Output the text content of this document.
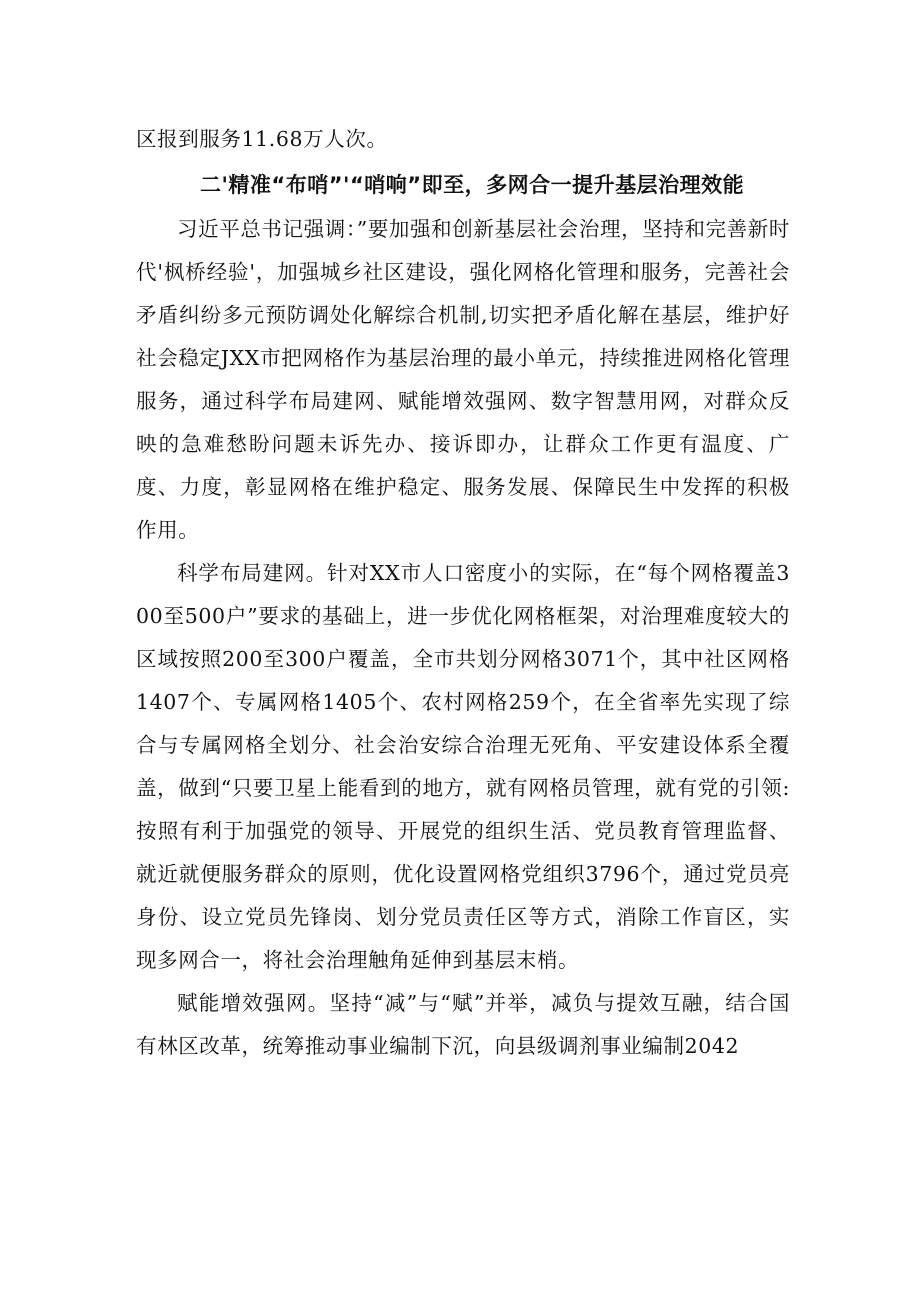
区报到服务11.68万人次。

二'精准“布哨”'“哨响”即至，多网合一提升基层治理效能

习近平总书记强调：”要加强和创新基层社会治理，坚持和完善新时代'枫桥经验'，加强城乡社区建设，强化网格化管理和服务，完善社会矛盾纠纷多元预防调处化解综合机制,切实把矛盾化解在基层，维护好社会稳定JXX市把网格作为基层治理的最小单元，持续推进网格化管理服务，通过科学布局建网、赋能增效强网、数字智慧用网，对群众反映的急难愁盼问题未诉先办、接诉即办，让群众工作更有温度、广度、力度，彰显网格在维护稳定、服务发展、保障民生中发挥的积极作用。

科学布局建网。针对XX市人口密度小的实际，在“每个网格覆盖300至500户”要求的基础上，进一步优化网格框架，对治理难度较大的区域按照200至300户覆盖，全市共划分网格3071个，其中社区网格1407个、专属网格1405个、农村网格259个，在全省率先实现了综合与专属网格全划分、社会治安综合治理无死角、平安建设体系全覆盖，做到“只要卫星上能看到的地方，就有网格员管理，就有党的引领:按照有利于加强党的领导、开展党的组织生活、党员教育管理监督、就近就便服务群众的原则，优化设置网格党组织3796个，通过党员亮身份、设立党员先锋岗、划分党员责任区等方式，消除工作盲区，实现多网合一，将社会治理触角延伸到基层末梢。

赋能增效强网。坚持“减”与“赋”并举，减负与提效互融，结合国有林区改革，统筹推动事业编制下沉，向县级调剂事业编制2042
